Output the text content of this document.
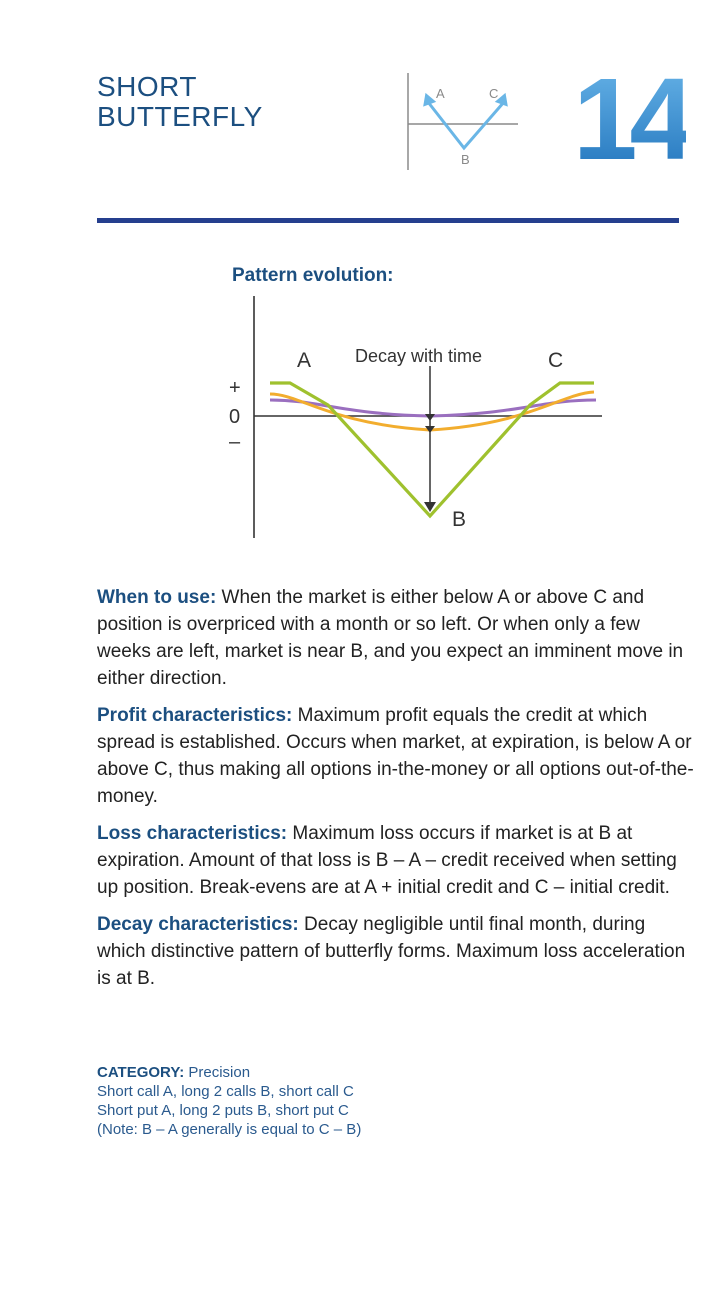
SHORT
BUTTERFLY
A	C
B 14
Pattern evolution:
A	C
B
Decay with time
+
0
–

When to use: When the market is either below A or above C and position is overpriced with a month or so left. Or when only a few weeks are left, market is near B, and you expect an imminent move in either direction.

Profit characteristics: Maximum profit equals the credit at which spread is established. Occurs when market, at expiration, is below A or above C, thus making all options in-the-money or all options out-of-the-money.

Loss characteristics: Maximum loss occurs if market is at B at expiration. Amount of that loss is B – A – credit received when setting up position. Break-evens are at A + initial credit and C – initial credit.

Decay characteristics: Decay negligible until final month, during which distinctive pattern of butterfly forms. Maximum loss acceleration is at B.

CATEGORY: Precision
Short call A, long 2 calls B, short call C
Short put A, long 2 puts B, short put C
(Note: B – A generally is equal to C – B)
